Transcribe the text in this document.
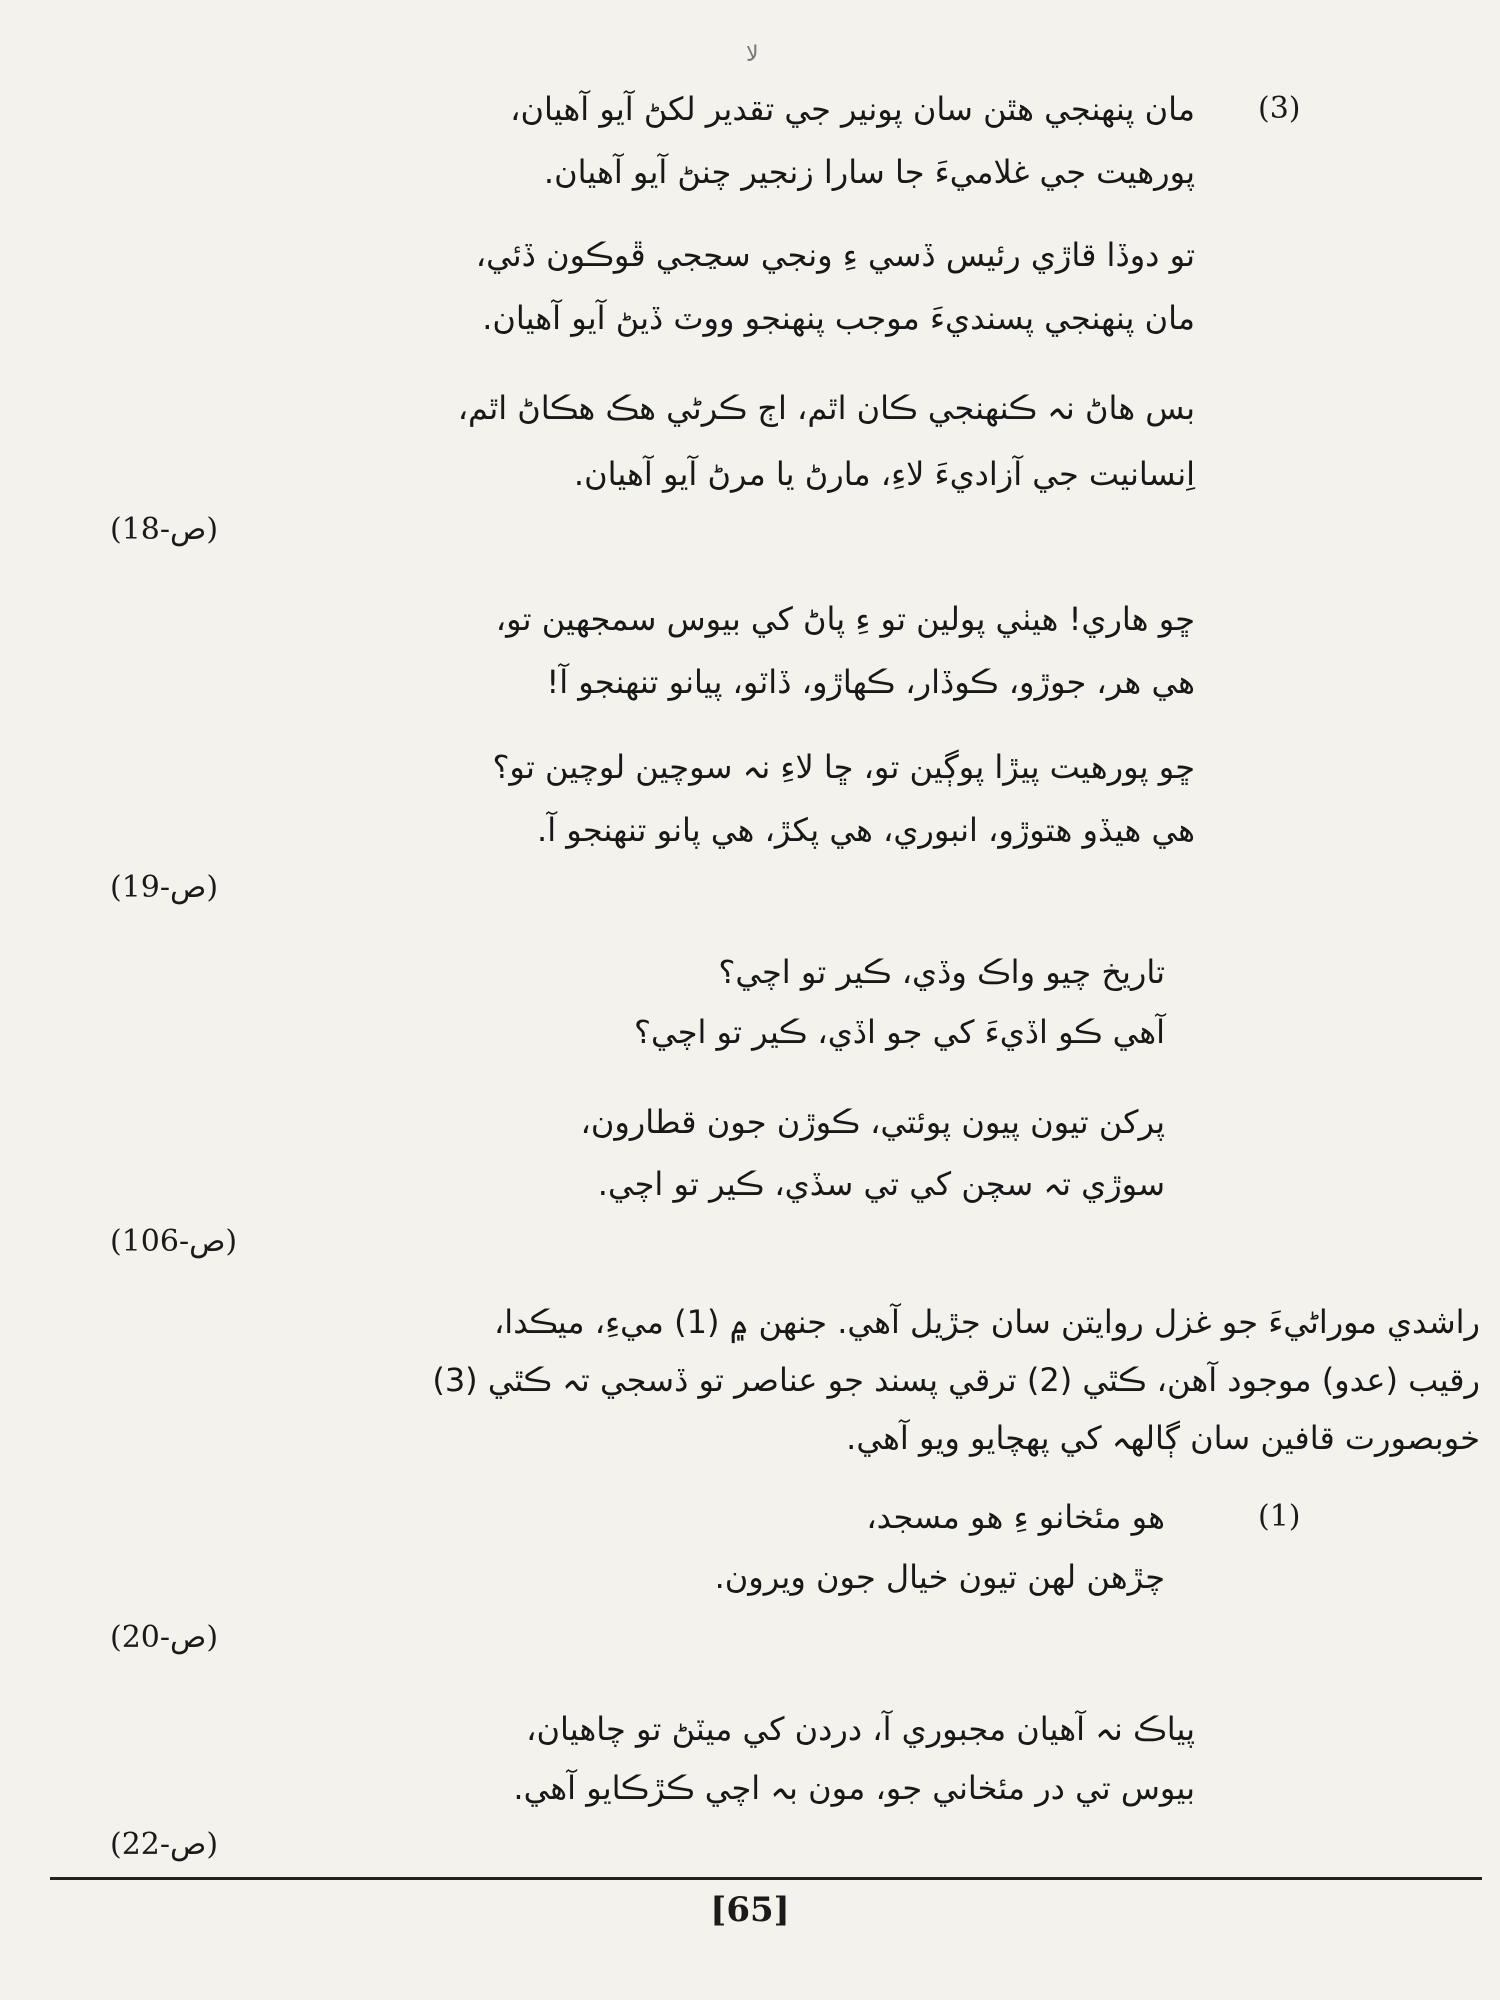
لا
(3)
مان پنهنجي هٿن سان پونير جي تقدير لکڻ آيو آهيان،
پورهيت جي غلاميءَ جا سارا زنجير چنڻ آيو آهيان.
تو دوڏا قاڙي رئيس ڏسي ءِ ونجي سڃجي ڦوڪون ڏئي،
مان پنهنجي پسنديءَ موجب پنهنجو ووٽ ڏيڻ آيو آهيان.
بس هاڻ نہ ڪنهنجي ڪان اٿم، اڄ ڪرڻي هڪ هڪاڻ اٿم،
اِنسانيت جي آزاديءَ لاءِ، مارڻ يا مرڻ آيو آهيان.
(ص-18)
ڇو هاري! هيٺي پولين تو ءِ پاڻ کي بيوس سمجهين تو،
هي هر، جوڙو، ڪوڏار، ڪهاڙو، ڏاٽو، پيانو تنهنجو آ!
ڇو پورهيت پيڙا پوڳين تو، ڇا لاءِ نہ سوچين لوچين تو؟
هي هيڏو هتوڙو، انبوري، هي پکڙ، هي پانو تنهنجو آ.
(ص-19)
تاريخ چيو واڪ وڏي، ڪير تو اچي؟
آهي ڪو اڏيءَ کي جو اڏي، ڪير تو اچي؟
پرکن تيون پيون پوئتي، ڪوڙن جون قطارون،
سوڙي تہ سچن کي تي سڏي، ڪير تو اچي.
(ص-106)
راشدي موراڻيءَ جو غزل روايتن سان جڙيل آهي. جنهن ۾ (1) ميءِ، ميڪدا،
رقيب (عدو) موجود آهن، ڪٿي (2) ترقي پسند جو عناصر تو ڏسجي تہ ڪٿي (3)
خوبصورت قافين سان ڳالهہ کي پهچايو ويو آهي.
(1)
هو مئخانو ءِ هو مسجد،
چڙهن لهن تيون خيال جون ويرون.
(ص-20)
پياڪ نہ آهيان مجبوري آ، دردن کي ميٽڻ تو چاهيان،
بيوس تي در مئخاني جو، مون بہ اچي ڪڙڪايو آهي.
(ص-22)
[65]
